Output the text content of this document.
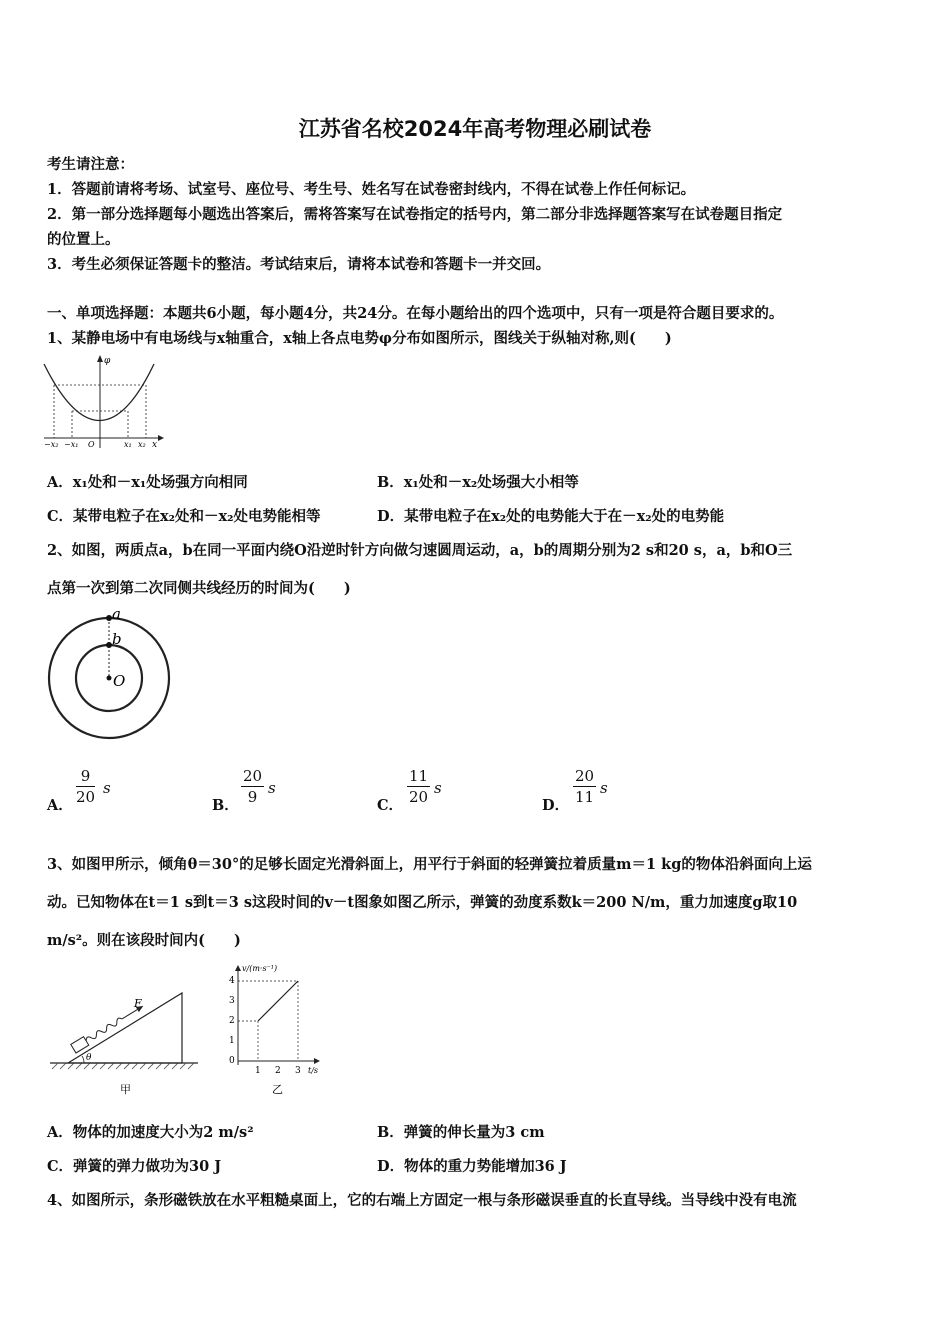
江苏省名校2024年高考物理必刷试卷
考生请注意：
1．答题前请将考场、试室号、座位号、考生号、姓名写在试卷密封线内，不得在试卷上作任何标记。
2．第一部分选择题每小题选出答案后，需将答案写在试卷指定的括号内，第二部分非选择题答案写在试卷题目指定
的位置上。
3．考生必须保证答题卡的整洁。考试结束后，请将本试卷和答题卡一并交回。
一、单项选择题：本题共6小题，每小题4分，共24分。在每小题给出的四个选项中，只有一项是符合题目要求的。
1、某静电场中有电场线与x轴重合，x轴上各点电势φ分布如图所示，图线关于纵轴对称,则(　　)
φ
x
−x₂ −x₁ O	x₁ x₂
A．x₁处和－x₁处场强方向相同	B．x₁处和－x₂处场强大小相等
C．某带电粒子在x₂处和－x₂处电势能相等	D．某带电粒子在x₂处的电势能大于在－x₂处的电势能
2、如图，两质点a，b在同一平面内绕O沿逆时针方向做匀速圆周运动，a，b的周期分别为2 s和20 s，a，b和O三
点第一次到第二次同侧共线经历的时间为(　　)
a
b
O
A． $\frac{9}{20}$ s
B． $\frac{20}{9}$ s
C． $\frac{11}{20}$ s
D． $\frac{20}{11}$ s
3、如图甲所示，倾角θ＝30°的足够长固定光滑斜面上，用平行于斜面的轻弹簧拉着质量m＝1 kg的物体沿斜面向上运
动。已知物体在t＝1 s到t＝3 s这段时间的v－t图象如图乙所示，弹簧的劲度系数k＝200 N/m，重力加速度g取10
m/s²。则在该段时间内(　　)
F
θ
甲
v/(m·s⁻¹)
t/s
4
3
2
1
0
1 2 3
乙
A．物体的加速度大小为2 m/s²	B．弹簧的伸长量为3 cm
C．弹簧的弹力做功为30 J	D．物体的重力势能增加36 J
4、如图所示，条形磁铁放在水平粗糙桌面上，它的右端上方固定一根与条形磁误垂直的长直导线。当导线中没有电流
